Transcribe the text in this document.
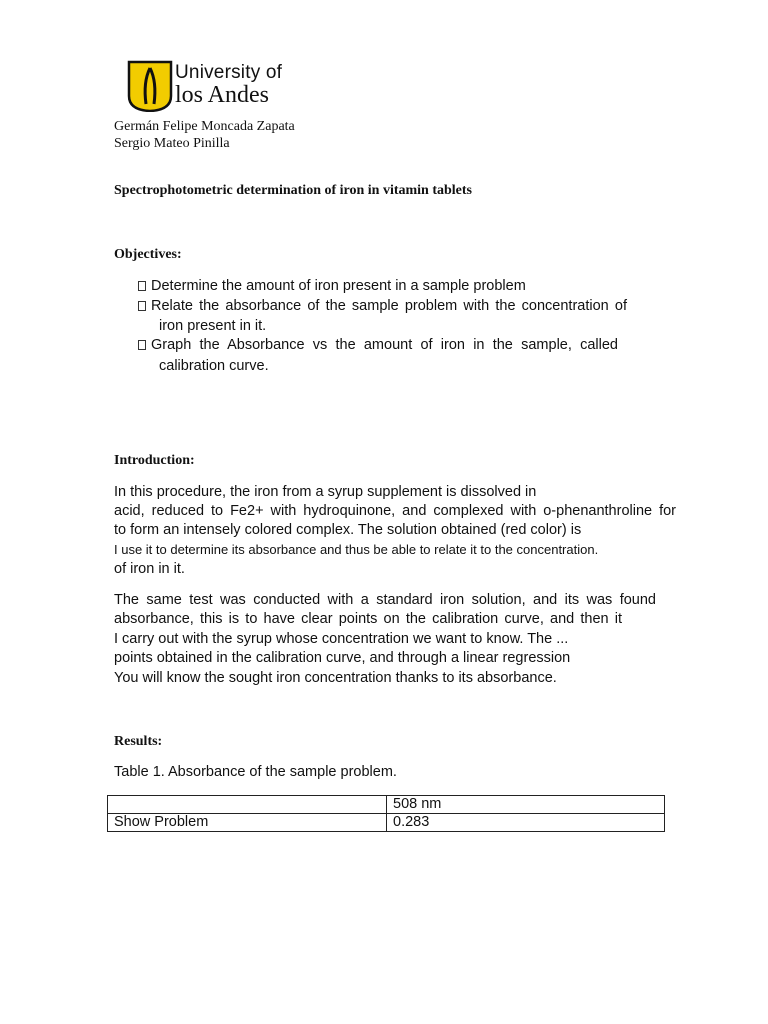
University of
los Andes
Germán Felipe Moncada Zapata
Sergio Mateo Pinilla
Spectrophotometric determination of iron in vitamin tablets
Objectives:
Determine the amount of iron present in a sample problem
Relate the absorbance of the sample problem with the concentration of
iron present in it.
Graph the Absorbance vs the amount of iron in the sample, called
calibration curve.
Introduction:
In this procedure, the iron from a syrup supplement is dissolved in
acid, reduced to Fe2+ with hydroquinone, and complexed with o-phenanthroline for
to form an intensely colored complex. The solution obtained (red color) is
I use it to determine its absorbance and thus be able to relate it to the concentration.
of iron in it.
The same test was conducted with a standard iron solution, and its was found
absorbance, this is to have clear points on the calibration curve, and then it
I carry out with the syrup whose concentration we want to know. The ...
points obtained in the calibration curve, and through a linear regression
You will know the sought iron concentration thanks to its absorbance.
Results:
Table 1. Absorbance of the sample problem.
	508 nm
Show Problem	0.283
